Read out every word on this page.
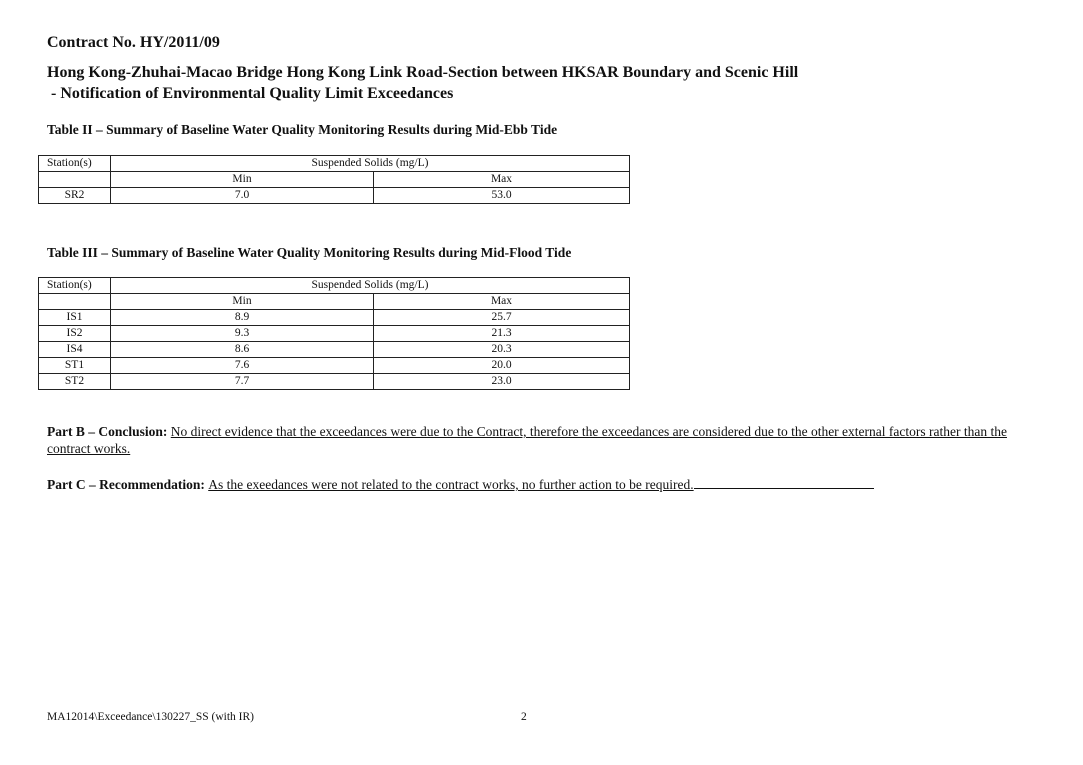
Contract No. HY/2011/09
Hong Kong-Zhuhai-Macao Bridge Hong Kong Link Road-Section between HKSAR Boundary and Scenic Hill
- Notification of Environmental Quality Limit Exceedances
Table II – Summary of Baseline Water Quality Monitoring Results during Mid-Ebb Tide
Station(s)	Suspended Solids (mg/L)	
	Min	Max
SR2	7.0	53.0
Table III – Summary of Baseline Water Quality Monitoring Results during Mid-Flood Tide
Station(s)	Suspended Solids (mg/L)	
	Min	Max
IS1	8.9	25.7
IS2	9.3	21.3
IS4	8.6	20.3
ST1	7.6	20.0
ST2	7.7	23.0
Part B – Conclusion: No direct evidence that the exceedances were due to the Contract, therefore the exceedances are considered due to the other external factors rather than the contract works.
Part C – Recommendation: As the exeedances were not related to the contract works, no further action to be required.
MA12014\Exceedance\130227_SS (with IR)	2
